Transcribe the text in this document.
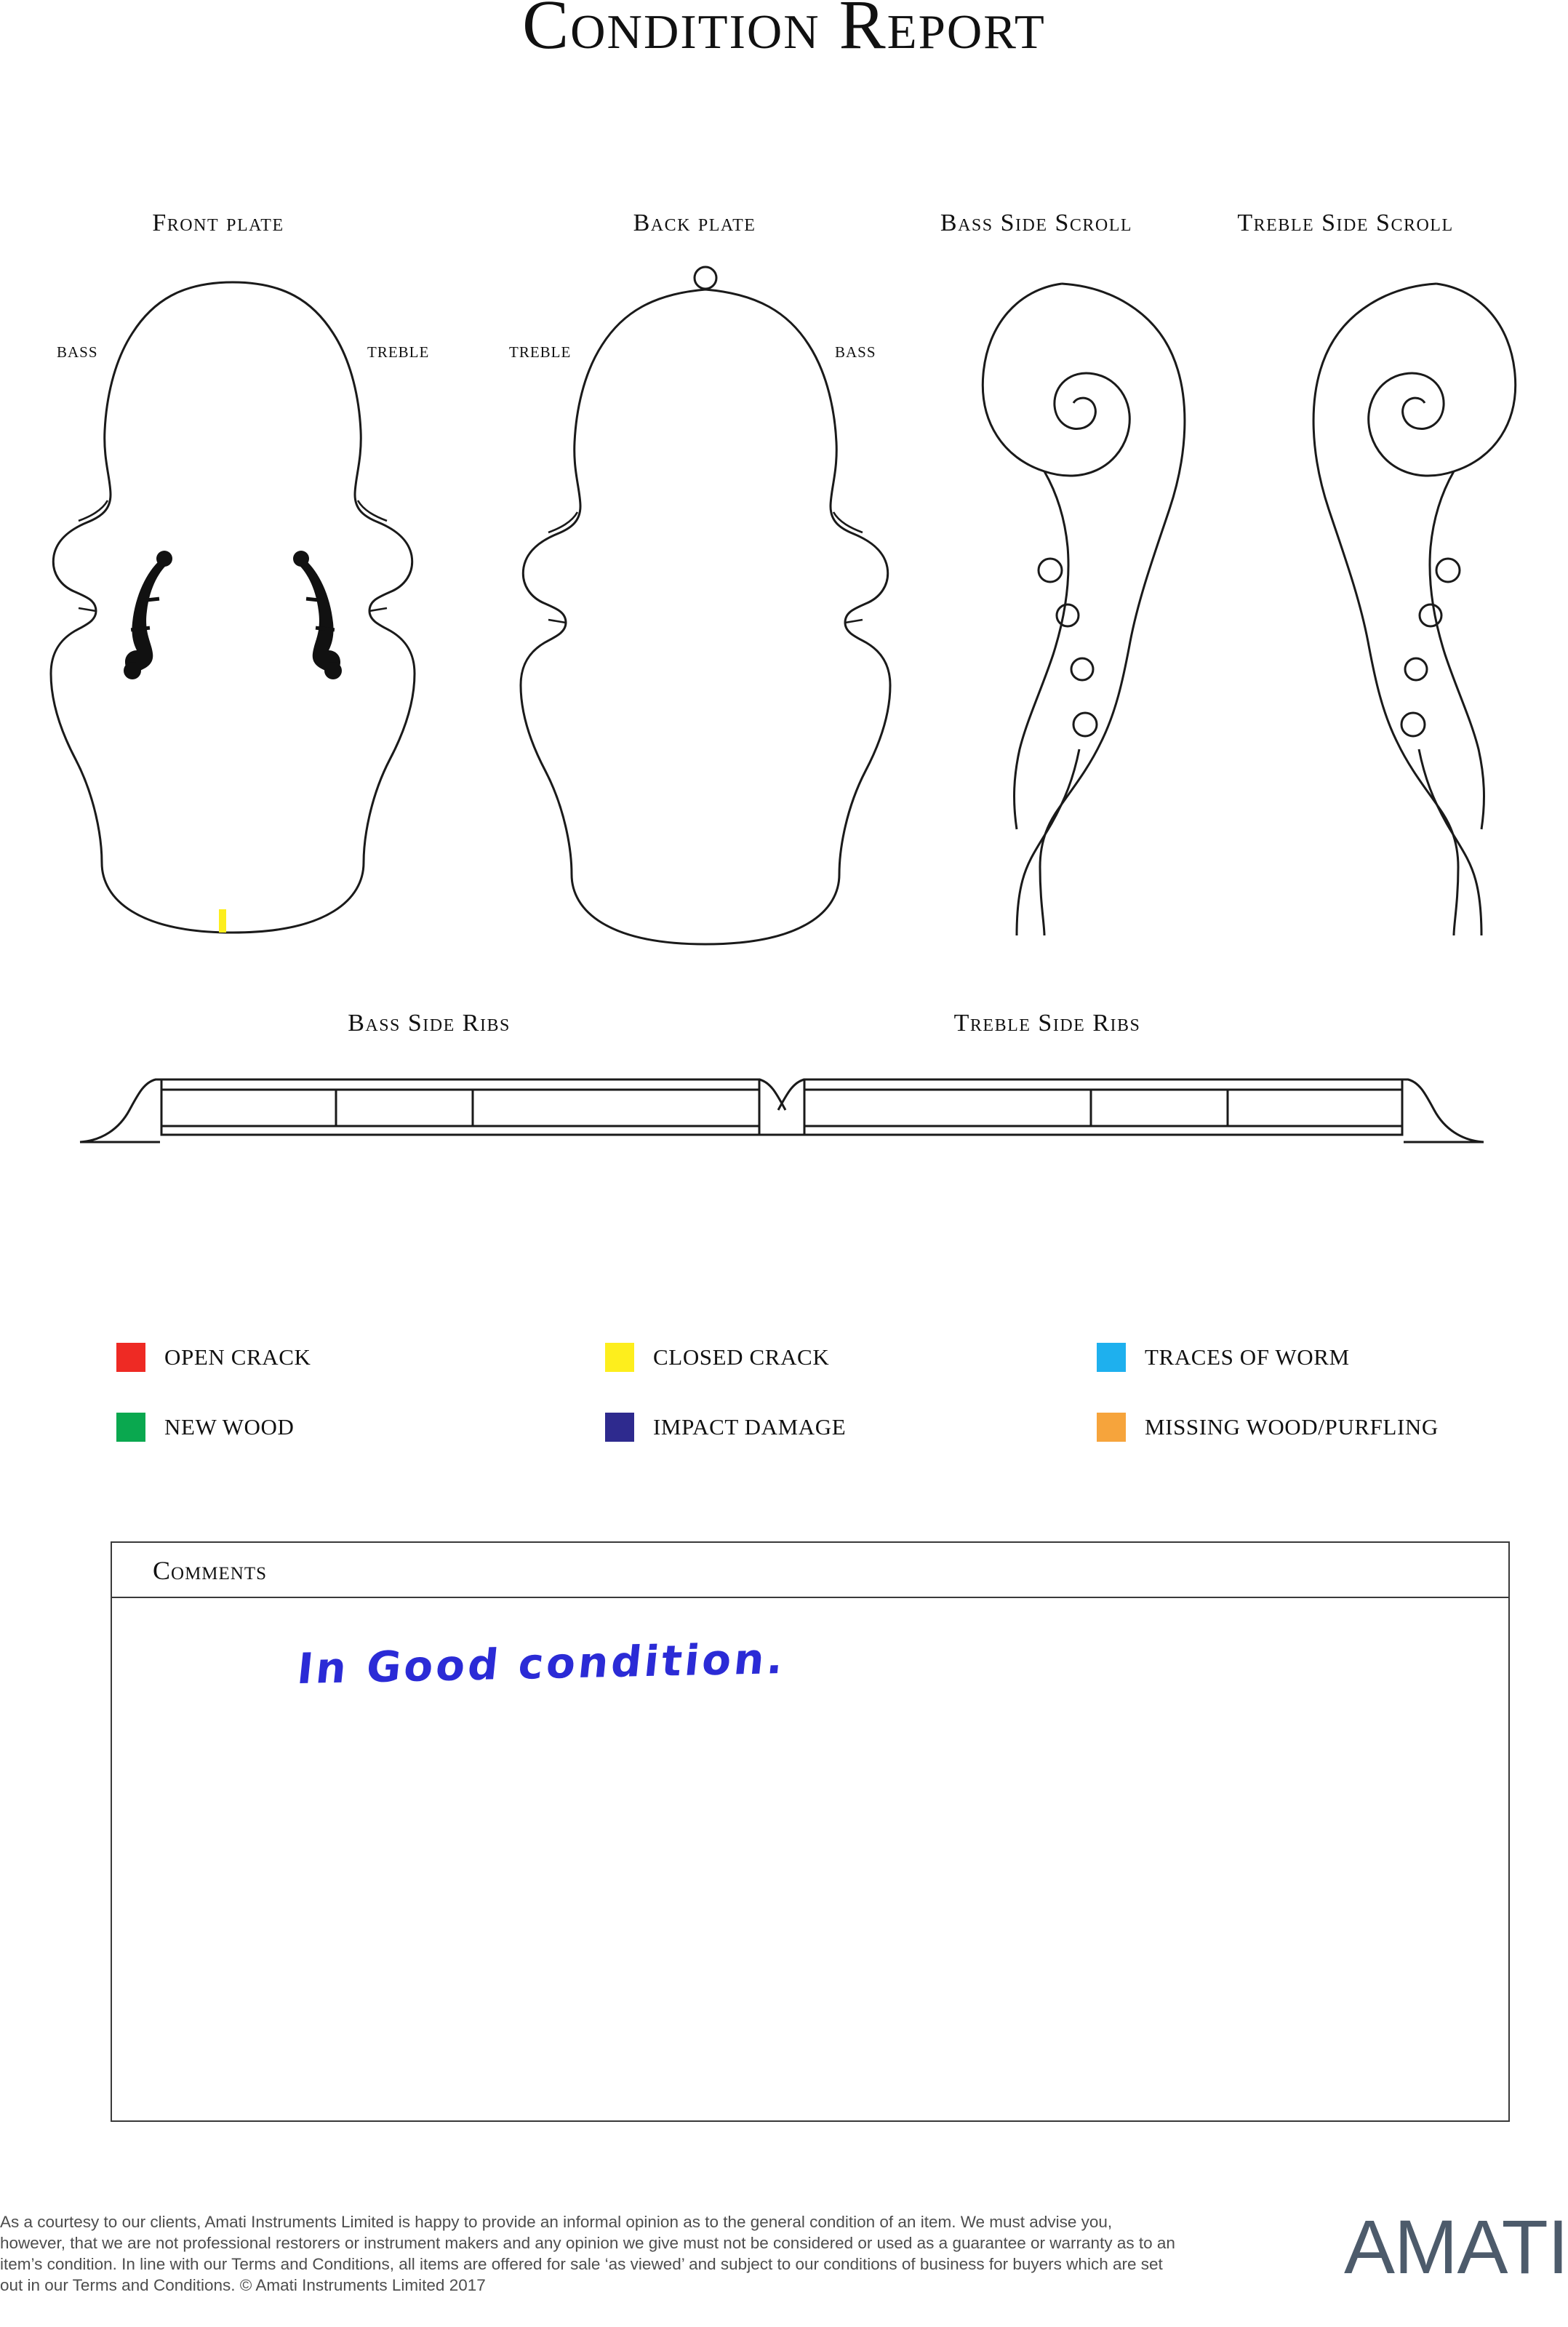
Condition Report
Front plate	Back plate	Bass Side Scroll	Treble Side Scroll
BASS	TREBLE	TREBLE	BASS
Bass Side Ribs	Treble Side Ribs
OPEN CRACK	CLOSED CRACK	TRACES OF WORM
NEW WOOD	IMPACT DAMAGE	MISSING WOOD/PURFLING
Comments
In Good condition.
As a courtesy to our clients, Amati Instruments Limited is happy to provide an informal opinion as to the general condition of an item. We must advise you, however, that we are not professional restorers or instrument makers and any opinion we give must not be considered or used as a guarantee or warranty as to an item’s condition. In line with our Terms and Conditions, all items are offered for sale ‘as viewed’ and subject to our conditions of business for buyers which are set out in our Terms and Conditions. © Amati Instruments Limited 2017	AMATI
